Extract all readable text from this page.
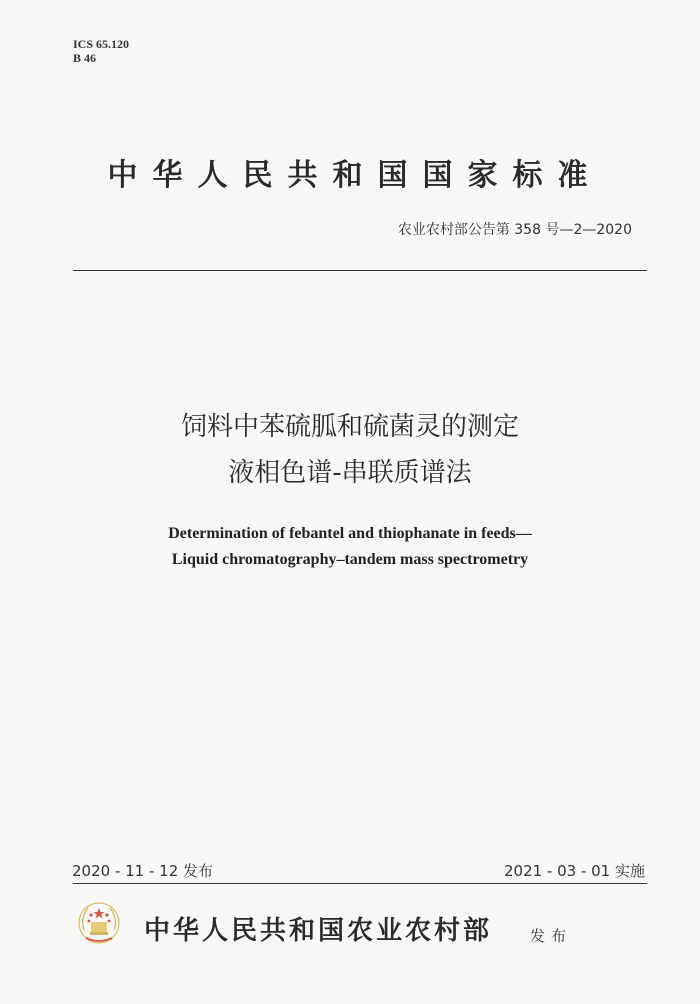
ICS 65.120
B 46
中华人民共和国国家标准
农业农村部公告第 358 号—2—2020
饲料中苯硫胍和硫菌灵的测定
液相色谱-串联质谱法
Determination of febantel and thiophanate in feeds—
Liquid chromatography–tandem mass spectrometry
2020 - 11 - 12 发布	2021 - 03 - 01 实施
中华人民共和国农业农村部	发布
